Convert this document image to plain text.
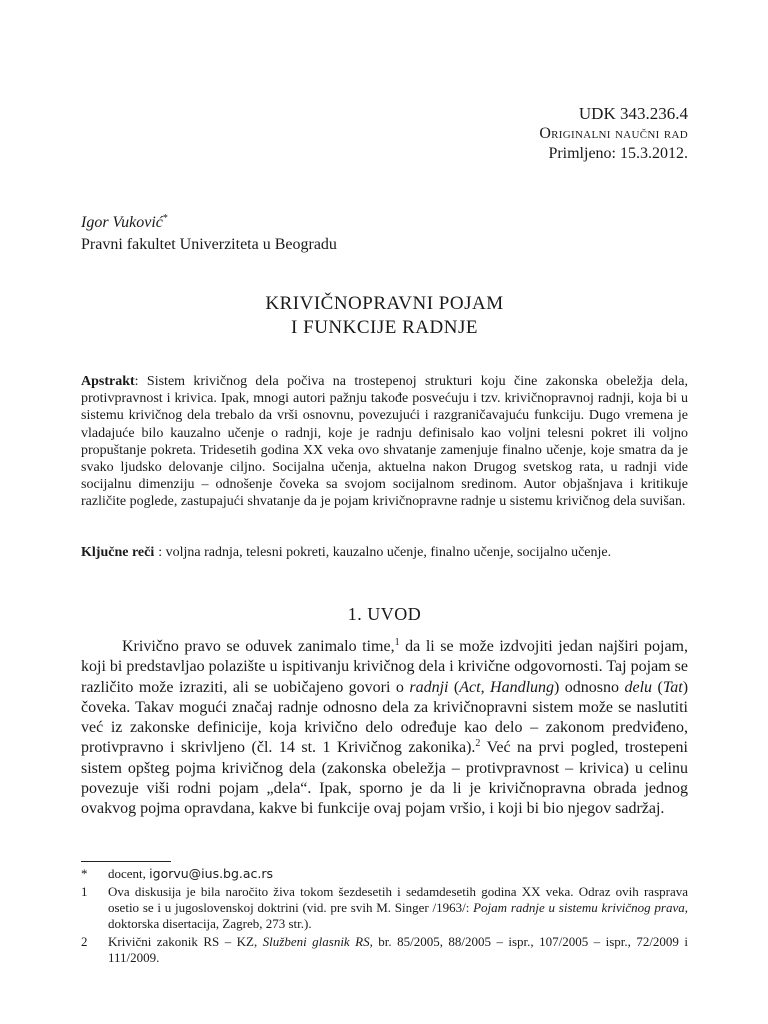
UDK 343.236.4
Originalni naučni rad
Primljeno: 15.3.2012.
Igor Vuković*
Pravni fakultet Univerziteta u Beogradu
KRIVIČNOPRAVNI POJAM
I FUNKCIJE RADNJE
Apstrakt: Sistem krivičnog dela počiva na trostepenoj strukturi koju čine zakonska obeležja dela, protivpravnost i krivica. Ipak, mnogi autori pažnju takođe posvećuju i tzv. krivičnopravnoj radnji, koja bi u sistemu krivičnog dela trebalo da vrši osnovnu, povezujući i razgraničavajuću funkciju. Dugo vremena je vladajuće bilo kauzalno učenje o radnji, koje je radnju definisalo kao voljni telesni pokret ili voljno propuštanje pokreta. Tridesetih godina XX veka ovo shvatanje zamenjuje finalno učenje, koje smatra da je svako ljudsko delovanje ciljno. Socijalna učenja, aktuelna nakon Drugog svetskog rata, u radnji vide socijalnu dimenziju – odnošenje čoveka sa svojom socijalnom sredinom. Autor objašnjava i kritikuje različite poglede, zastupajući shvatanje da je pojam krivičnopravne radnje u sistemu krivičnog dela suvišan.
Ključne reči : voljna radnja, telesni pokreti, kauzalno učenje, finalno učenje, socijalno učenje.
1. UVOD
Krivično pravo se oduvek zanimalo time,$^1$ da li se može izdvojiti jedan najširi pojam, koji bi predstavljao polazište u ispitivanju krivičnog dela i krivične odgovornosti. Taj pojam se različito može izraziti, ali se uobičajeno govori o radnji (Act, Handlung) odnosno delu (Tat) čoveka. Takav mogući značaj radnje odnosno dela za krivičnopravni sistem može se naslutiti već iz zakonske definicije, koja krivično delo određuje kao delo – zakonom predviđeno, protivpravno i skrivljeno (čl. 14 st. 1 Krivičnog zakonika).$^2$ Već na prvi pogled, trostepeni sistem opšteg pojma krivičnog dela (zakonska obeležja – protivpravnost – krivica) u celinu povezuje viši rodni pojam „dela“. Ipak, sporno je da li je krivičnopravna obrada jednog ovakvog pojma opravdana, kakve bi funkcije ovaj pojam vršio, i koji bi bio njegov sadržaj.
*	docent, igorvu@ius.bg.ac.rs
1	Ova diskusija je bila naročito živa tokom šezdesetih i sedamdesetih godina XX veka. Odraz ovih rasprava osetio se i u jugoslovenskoj doktrini (vid. pre svih M. Singer /1963/: Pojam radnje u sistemu krivičnog prava, doktorska disertacija, Zagreb, 273 str.).
2	Krivični zakonik RS – KZ, Službeni glasnik RS, br. 85/2005, 88/2005 – ispr., 107/2005 – ispr., 72/2009 i 111/2009.
